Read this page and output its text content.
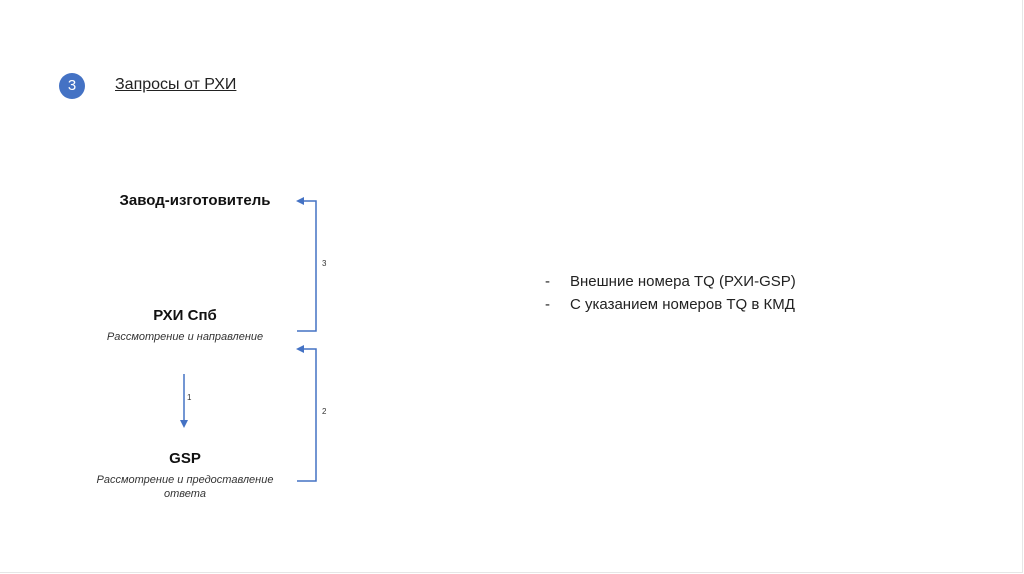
3	Запросы от РХИ
Завод-изготовитель
РХИ Спб
Рассмотрение и направление
GSP
Рассмотрение и предоставление
ответа
1
2
3
-	Внешние номера TQ (РХИ-GSP)
-	С указанием номеров TQ в КМД
